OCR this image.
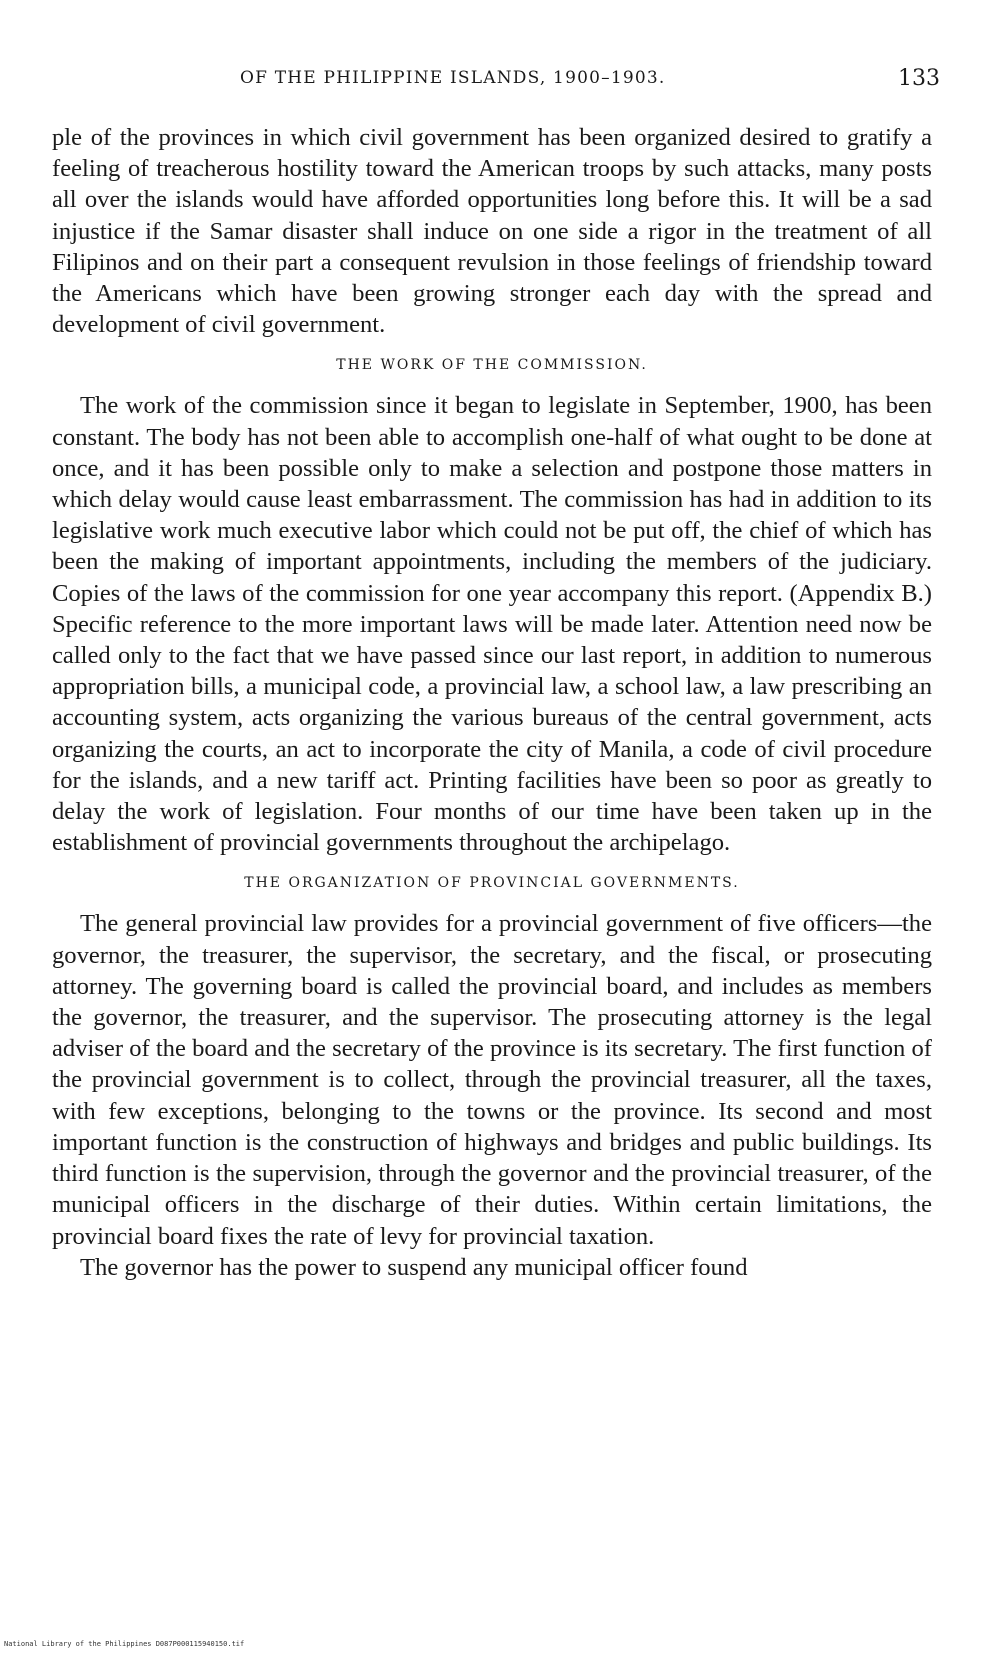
OF THE PHILIPPINE ISLANDS, 1900–1903.	133

ple of the provinces in which civil government has been organized desired to gratify a feeling of treacherous hostility toward the American troops by such attacks, many posts all over the islands would have afforded opportunities long before this. It will be a sad injustice if the Samar disaster shall induce on one side a rigor in the treatment of all Filipinos and on their part a consequent revulsion in those feelings of friendship toward the Americans which have been growing stronger each day with the spread and development of civil government.

THE WORK OF THE COMMISSION.

The work of the commission since it began to legislate in September, 1900, has been constant. The body has not been able to accomplish one-half of what ought to be done at once, and it has been possible only to make a selection and postpone those matters in which delay would cause least embarrassment. The commission has had in addition to its legislative work much executive labor which could not be put off, the chief of which has been the making of important appointments, including the members of the judiciary. Copies of the laws of the commission for one year accompany this report. (Appendix B.) Specific reference to the more important laws will be made later. Attention need now be called only to the fact that we have passed since our last report, in addition to numerous appropriation bills, a municipal code, a provincial law, a school law, a law prescribing an accounting system, acts organizing the various bureaus of the central government, acts organizing the courts, an act to incorporate the city of Manila, a code of civil procedure for the islands, and a new tariff act. Printing facilities have been so poor as greatly to delay the work of legislation. Four months of our time have been taken up in the establishment of provincial governments throughout the archipelago.

THE ORGANIZATION OF PROVINCIAL GOVERNMENTS.

The general provincial law provides for a provincial government of five officers—the governor, the treasurer, the supervisor, the secretary, and the fiscal, or prosecuting attorney. The governing board is called the provincial board, and includes as members the governor, the treasurer, and the supervisor. The prosecuting attorney is the legal adviser of the board and the secretary of the province is its secretary. The first function of the provincial government is to collect, through the provincial treasurer, all the taxes, with few exceptions, belonging to the towns or the province. Its second and most important function is the construction of highways and bridges and public buildings. Its third function is the supervision, through the governor and the provincial treasurer, of the municipal officers in the discharge of their duties. Within certain limitations, the provincial board fixes the rate of levy for provincial taxation.

The governor has the power to suspend any municipal officer found

National Library of the Philippines D087P000115940150.tif
